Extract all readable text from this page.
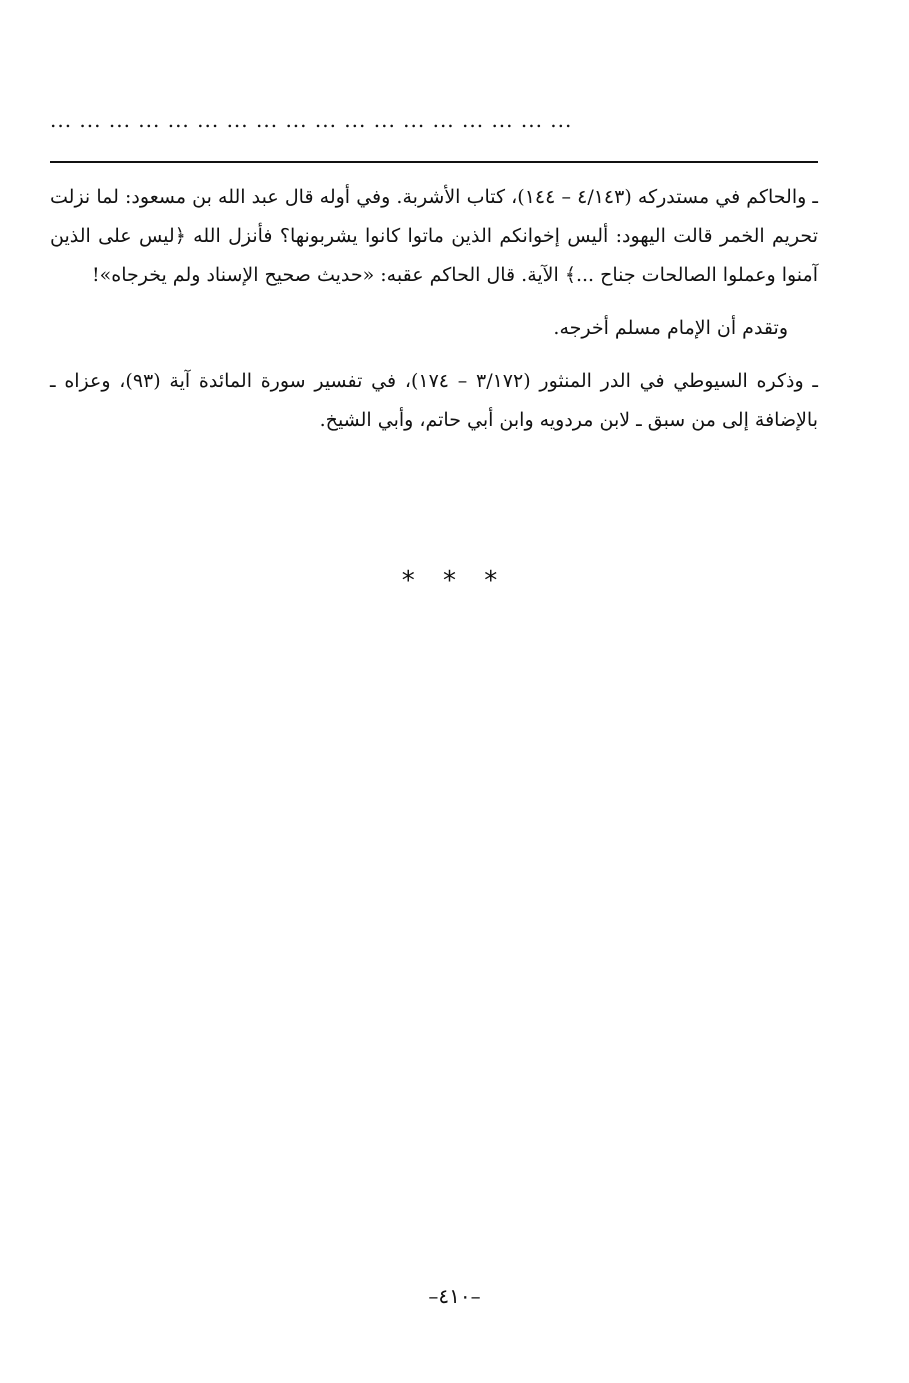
... ... ... ... ... ... ... ... ... ... ... ... ... ... ... ... ... ...

ـ والحاكم في مستدركه (٤/١٤٣ – ١٤٤)، كتاب الأشربة. وفي أوله قال عبد الله بن مسعود: لما نزلت تحريم الخمر قالت اليهود: أليس إخوانكم الذين ماتوا كانوا يشربونها؟ فأنزل الله ﴿ليس على الذين آمنوا وعملوا الصالحات جناح ...﴾ الآية. قال الحاكم عقبه: «حديث صحيح الإسناد ولم يخرجاه»!

وتقدم أن الإمام مسلم أخرجه.

ـ وذكره السيوطي في الدر المنثور (٣/١٧٢ – ١٧٤)، في تفسير سورة المائدة آية (٩٣)، وعزاه ـ بالإضافة إلى من سبق ـ لابن مردويه وابن أبي حاتم، وأبي الشيخ.

* * *
–٤١٠–
